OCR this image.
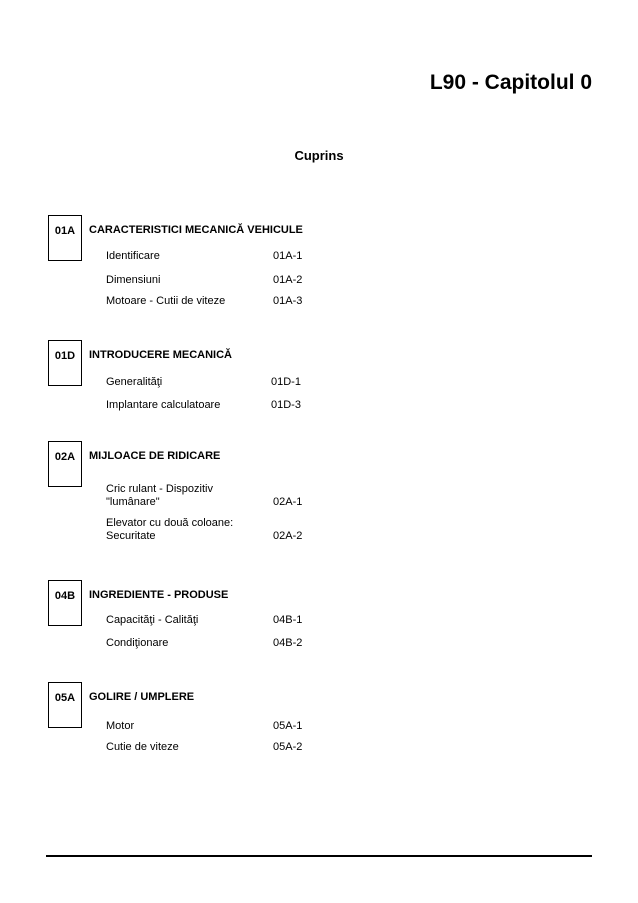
L90 - Capitolul 0
Cuprins
01A	CARACTERISTICI MECANICĂ VEHICULE
Identificare	01A-1
Dimensiuni	01A-2
Motoare - Cutii de viteze	01A-3
01D	INTRODUCERE MECANICĂ
Generalităţi	01D-1
Implantare calculatoare	01D-3
02A	MIJLOACE DE RIDICARE
Cric rulant - Dispozitiv
"lumânare"	02A-1
Elevator cu două coloane:
Securitate	02A-2
04B	INGREDIENTE - PRODUSE
Capacităţi - Calităţi	04B-1
Condiţionare	04B-2
05A	GOLIRE / UMPLERE
Motor	05A-1
Cutie de viteze	05A-2
